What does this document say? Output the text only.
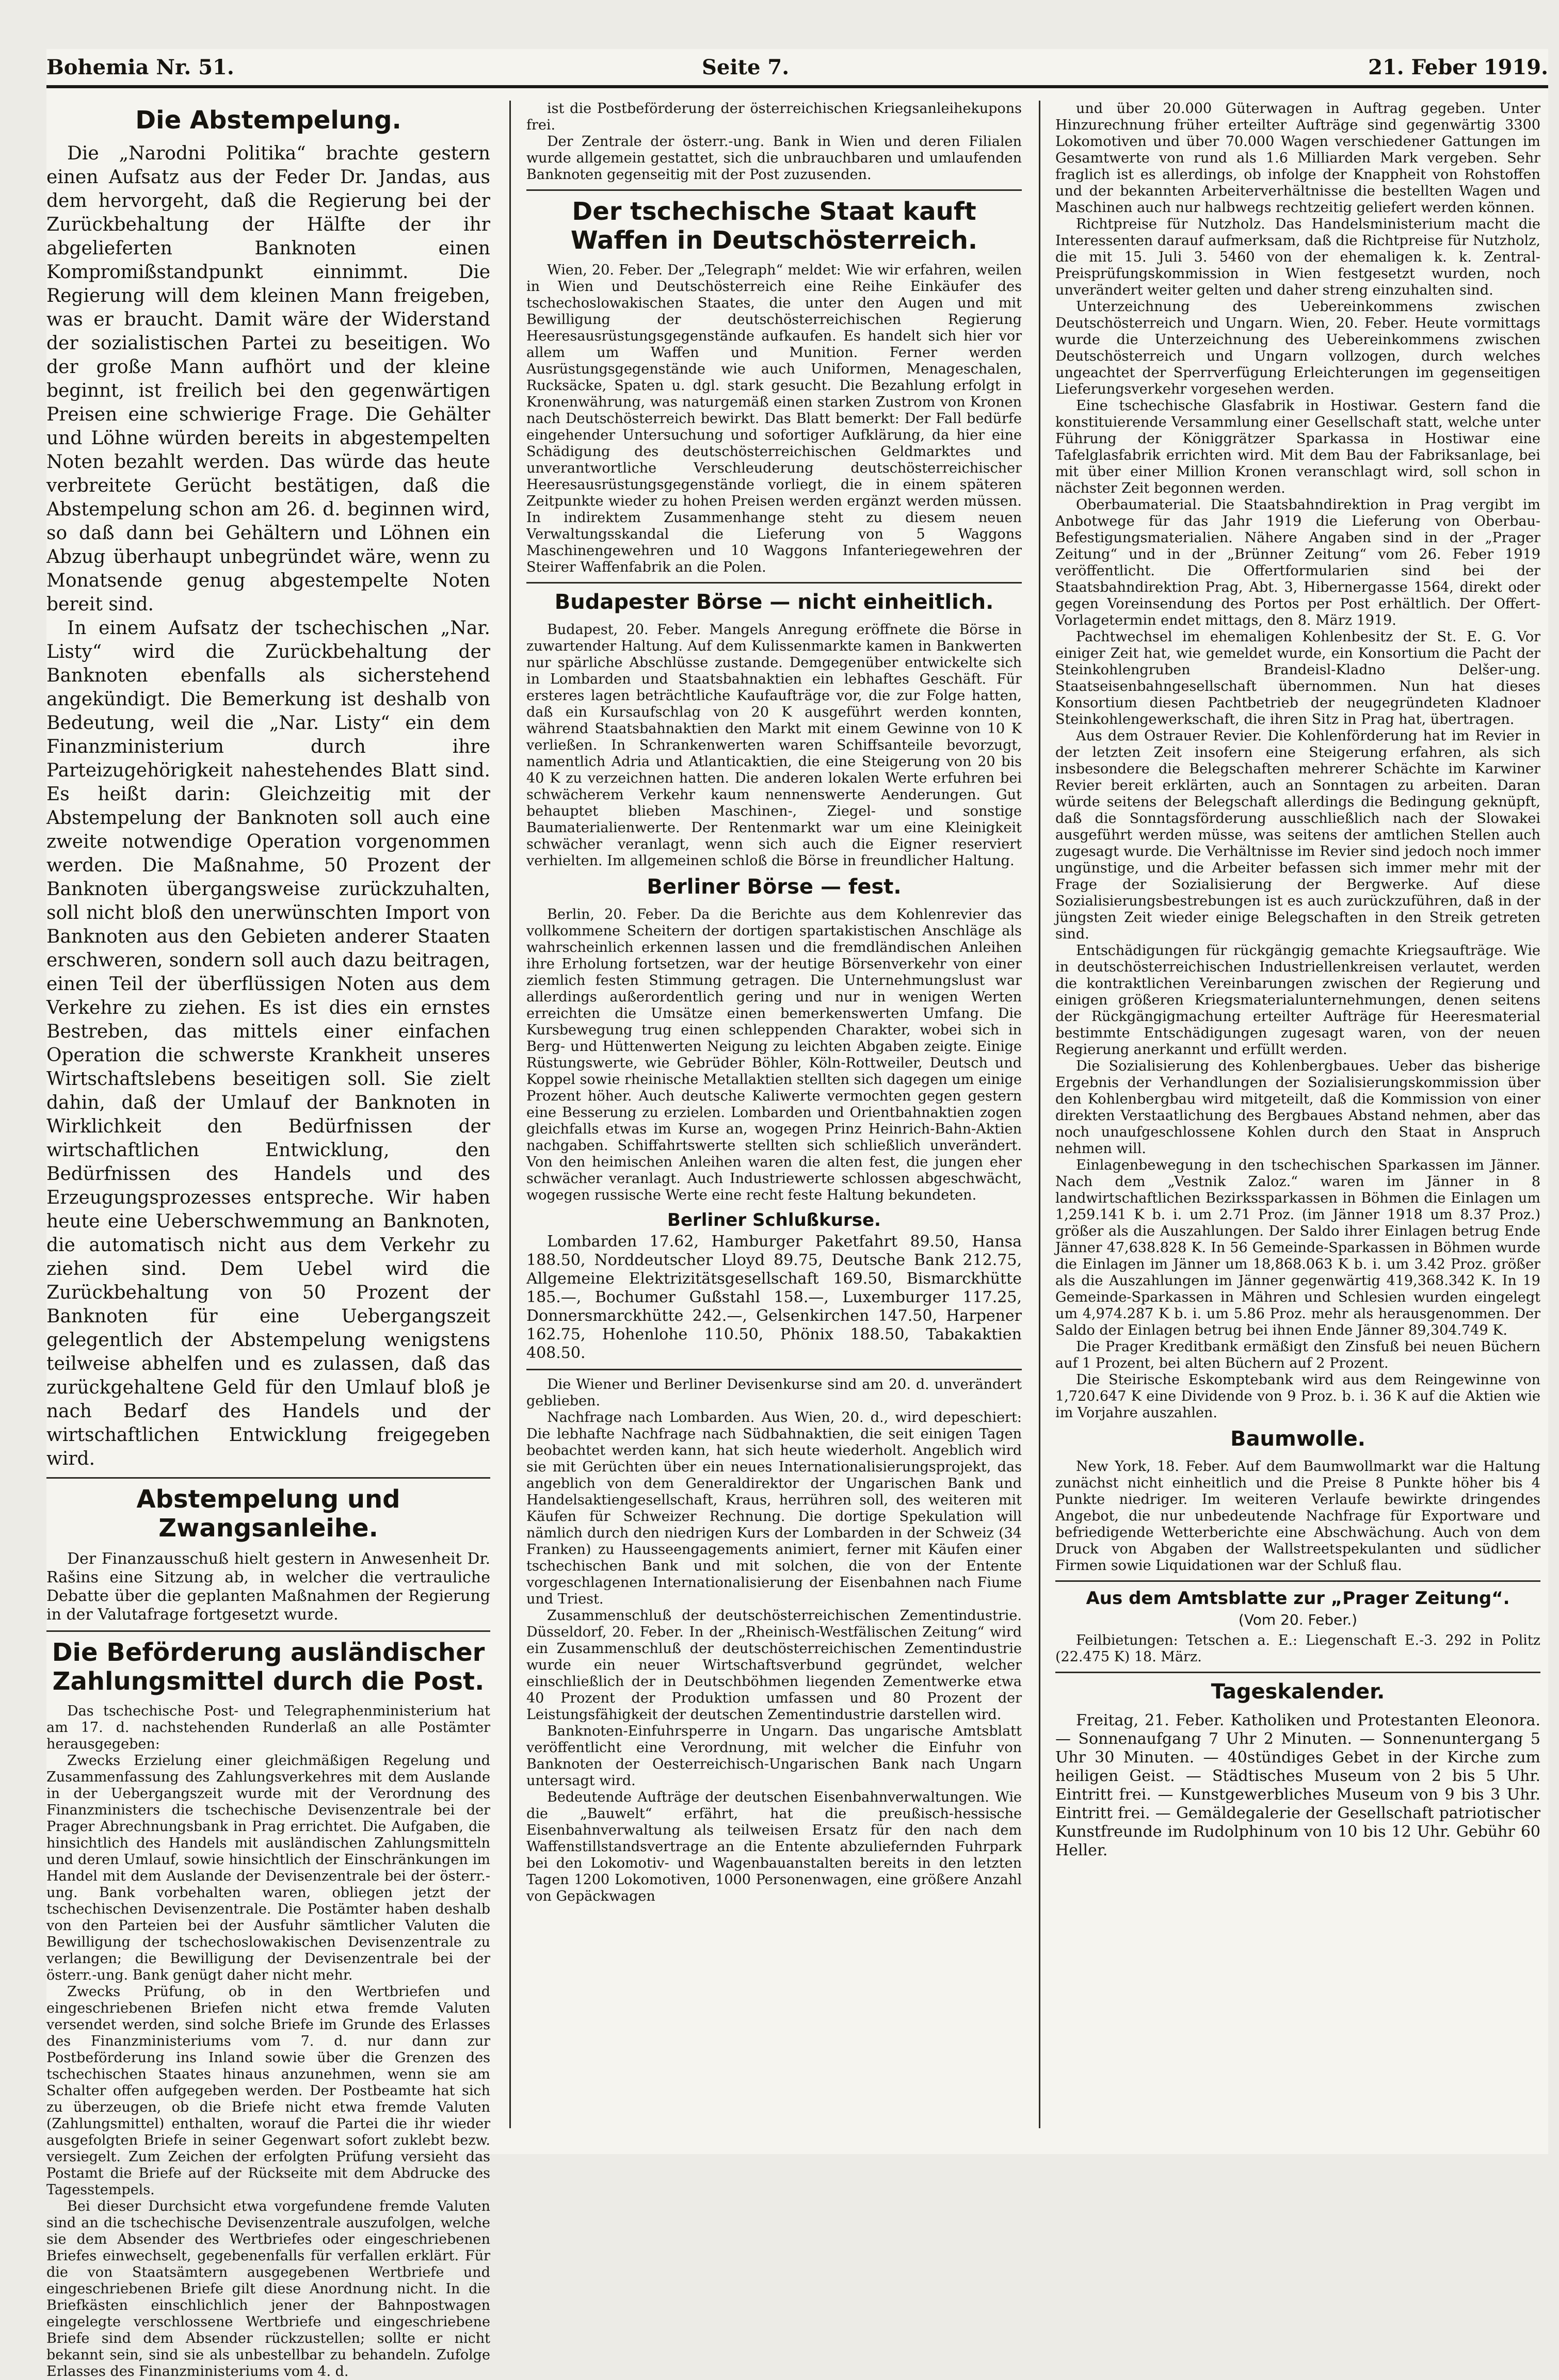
Bohemia Nr. 51.	Seite 7.	21. Feber 1919.
Die Abstempelung.

Die „Narodni Politika“ brachte gestern einen Aufsatz aus der Feder Dr. Jandas, aus dem hervorgeht, daß die Regierung bei der Zurückbehaltung der Hälfte der ihr abgelieferten Banknoten einen Kompromißstandpunkt einnimmt. Die Regierung will dem kleinen Mann freigeben, was er braucht. Damit wäre der Widerstand der sozialistischen Partei zu beseitigen. Wo der große Mann aufhört und der kleine beginnt, ist freilich bei den gegenwärtigen Preisen eine schwierige Frage. Die Gehälter und Löhne würden bereits in abgestempelten Noten bezahlt werden. Das würde das heute verbreitete Gerücht bestätigen, daß die Abstempelung schon am 26. d. beginnen wird, so daß dann bei Gehältern und Löhnen ein Abzug überhaupt unbegründet wäre, wenn zu Monatsende genug abgestempelte Noten bereit sind.

In einem Aufsatz der tschechischen „Nar. Listy“ wird die Zurückbehaltung der Banknoten ebenfalls als sicherstehend angekündigt. Die Bemerkung ist deshalb von Bedeutung, weil die „Nar. Listy“ ein dem Finanzministerium durch ihre Parteizugehörigkeit nahestehendes Blatt sind. Es heißt darin: Gleichzeitig mit der Abstempelung der Banknoten soll auch eine zweite notwendige Operation vorgenommen werden. Die Maßnahme, 50 Prozent der Banknoten übergangsweise zurückzuhalten, soll nicht bloß den unerwünschten Import von Banknoten aus den Gebieten anderer Staaten erschweren, sondern soll auch dazu beitragen, einen Teil der überflüssigen Noten aus dem Verkehre zu ziehen. Es ist dies ein ernstes Bestreben, das mittels einer einfachen Operation die schwerste Krankheit unseres Wirtschaftslebens beseitigen soll. Sie zielt dahin, daß der Umlauf der Banknoten in Wirklichkeit den Bedürfnissen der wirtschaftlichen Entwicklung, den Bedürfnissen des Handels und des Erzeugungsprozesses entspreche. Wir haben heute eine Ueberschwemmung an Banknoten, die automatisch nicht aus dem Verkehr zu ziehen sind. Dem Uebel wird die Zurückbehaltung von 50 Prozent der Banknoten für eine Uebergangszeit gelegentlich der Abstempelung wenigstens teilweise abhelfen und es zulassen, daß das zurückgehaltene Geld für den Umlauf bloß je nach Bedarf des Handels und der wirtschaftlichen Entwicklung freigegeben wird.

Abstempelung und Zwangsanleihe.

Der Finanzausschuß hielt gestern in Anwesenheit Dr. Rašins eine Sitzung ab, in welcher die vertrauliche Debatte über die geplanten Maßnahmen der Regierung in der Valutafrage fortgesetzt wurde.

Die Beförderung ausländischer Zahlungsmittel durch die Post.

Das tschechische Post- und Telegraphenministerium hat am 17. d. nachstehenden Runderlaß an alle Postämter herausgegeben:

Zwecks Erzielung einer gleichmäßigen Regelung und Zusammenfassung des Zahlungsverkehres mit dem Auslande in der Uebergangszeit wurde mit der Verordnung des Finanzministers die tschechische Devisenzentrale bei der Prager Abrechnungsbank in Prag errichtet. Die Aufgaben, die hinsichtlich des Handels mit ausländischen Zahlungsmitteln und deren Umlauf, sowie hinsichtlich der Einschränkungen im Handel mit dem Auslande der Devisenzentrale bei der österr.-ung. Bank vorbehalten waren, obliegen jetzt der tschechischen Devisenzentrale. Die Postämter haben deshalb von den Parteien bei der Ausfuhr sämtlicher Valuten die Bewilligung der tschechoslowakischen Devisenzentrale zu verlangen; die Bewilligung der Devisenzentrale bei der österr.-ung. Bank genügt daher nicht mehr.

Zwecks Prüfung, ob in den Wertbriefen und eingeschriebenen Briefen nicht etwa fremde Valuten versendet werden, sind solche Briefe im Grunde des Erlasses des Finanzministeriums vom 7. d. nur dann zur Postbeförderung ins Inland sowie über die Grenzen des tschechischen Staates hinaus anzunehmen, wenn sie am Schalter offen aufgegeben werden. Der Postbeamte hat sich zu überzeugen, ob die Briefe nicht etwa fremde Valuten (Zahlungsmittel) enthalten, worauf die Partei die ihr wieder ausgefolgten Briefe in seiner Gegenwart sofort zuklebt bezw. versiegelt. Zum Zeichen der erfolgten Prüfung versieht das Postamt die Briefe auf der Rückseite mit dem Abdrucke des Tagesstempels.

Bei dieser Durchsicht etwa vorgefundene fremde Valuten sind an die tschechische Devisenzentrale auszufolgen, welche sie dem Absender des Wertbriefes oder eingeschriebenen Briefes einwechselt, gegebenenfalls für verfallen erklärt. Für die von Staatsämtern ausgegebenen Wertbriefe und eingeschriebenen Briefe gilt diese Anordnung nicht. In die Briefkästen einschlichlich jener der Bahnpostwagen eingelegte verschlossene Wertbriefe und eingeschriebene Briefe sind dem Absender rückzustellen; sollte er nicht bekannt sein, sind sie als unbestellbar zu behandeln. Zufolge Erlasses des Finanzministeriums vom 4. d.

ist die Postbeförderung der österreichischen Kriegsanleihekupons frei.

Der Zentrale der österr.-ung. Bank in Wien und deren Filialen wurde allgemein gestattet, sich die unbrauchbaren und umlaufenden Banknoten gegenseitig mit der Post zuzusenden.

Der tschechische Staat kauft Waffen in Deutschösterreich.

Wien, 20. Feber. Der „Telegraph“ meldet: Wie wir erfahren, weilen in Wien und Deutschösterreich eine Reihe Einkäufer des tschechoslowakischen Staates, die unter den Augen und mit Bewilligung der deutschösterreichischen Regierung Heeresausrüstungsgegenstände aufkaufen. Es handelt sich hier vor allem um Waffen und Munition. Ferner werden Ausrüstungsgegenstände wie auch Uniformen, Menageschalen, Rucksäcke, Spaten u. dgl. stark gesucht. Die Bezahlung erfolgt in Kronenwährung, was naturgemäß einen starken Zustrom von Kronen nach Deutschösterreich bewirkt. Das Blatt bemerkt: Der Fall bedürfe eingehender Untersuchung und sofortiger Aufklärung, da hier eine Schädigung des deutschösterreichischen Geldmarktes und unverantwortliche Verschleuderung deutschösterreichischer Heeresausrüstungsgegenstände vorliegt, die in einem späteren Zeitpunkte wieder zu hohen Preisen werden ergänzt werden müssen. In indirektem Zusammenhange steht zu diesem neuen Verwaltungsskandal die Lieferung von 5 Waggons Maschinengewehren und 10 Waggons Infanteriegewehren der Steirer Waffenfabrik an die Polen.

Budapester Börse — nicht einheitlich.

Budapest, 20. Feber. Mangels Anregung eröffnete die Börse in zuwartender Haltung. Auf dem Kulissenmarkte kamen in Bankwerten nur spärliche Abschlüsse zustande. Demgegenüber entwickelte sich in Lombarden und Staatsbahnaktien ein lebhaftes Geschäft. Für ersteres lagen beträchtliche Kaufaufträge vor, die zur Folge hatten, daß ein Kursaufschlag von 20 K ausgeführt werden konnten, während Staatsbahnaktien den Markt mit einem Gewinne von 10 K verließen. In Schrankenwerten waren Schiffsanteile bevorzugt, namentlich Adria und Atlanticaktien, die eine Steigerung von 20 bis 40 K zu verzeichnen hatten. Die anderen lokalen Werte erfuhren bei schwächerem Verkehr kaum nennenswerte Aenderungen. Gut behauptet blieben Maschinen-, Ziegel- und sonstige Baumaterialienwerte. Der Rentenmarkt war um eine Kleinigkeit schwächer veranlagt, wenn sich auch die Eigner reserviert verhielten. Im allgemeinen schloß die Börse in freundlicher Haltung.

Berliner Börse — fest.

Berlin, 20. Feber. Da die Berichte aus dem Kohlenrevier das vollkommene Scheitern der dortigen spartakistischen Anschläge als wahrscheinlich erkennen lassen und die fremdländischen Anleihen ihre Erholung fortsetzen, war der heutige Börsenverkehr von einer ziemlich festen Stimmung getragen. Die Unternehmungslust war allerdings außerordentlich gering und nur in wenigen Werten erreichten die Umsätze einen bemerkenswerten Umfang. Die Kursbewegung trug einen schleppenden Charakter, wobei sich in Berg- und Hüttenwerten Neigung zu leichten Abgaben zeigte. Einige Rüstungswerte, wie Gebrüder Böhler, Köln-Rottweiler, Deutsch und Koppel sowie rheinische Metallaktien stellten sich dagegen um einige Prozent höher. Auch deutsche Kaliwerte vermochten gegen gestern eine Besserung zu erzielen. Lombarden und Orientbahnaktien zogen gleichfalls etwas im Kurse an, wogegen Prinz Heinrich-Bahn-Aktien nachgaben. Schiffahrtswerte stellten sich schließlich unverändert. Von den heimischen Anleihen waren die alten fest, die jungen eher schwächer veranlagt. Auch Industriewerte schlossen abgeschwächt, wogegen russische Werte eine recht feste Haltung bekundeten.

Berliner Schlußkurse.

Lombarden 17.62, Hamburger Paketfahrt 89.50, Hansa 188.50, Norddeutscher Lloyd 89.75, Deutsche Bank 212.75, Allgemeine Elektrizitätsgesellschaft 169.50, Bismarckhütte 185.—, Bochumer Gußstahl 158.—, Luxemburger 117.25, Donnersmarckhütte 242.—, Gelsenkirchen 147.50, Harpener 162.75, Hohenlohe 110.50, Phönix 188.50, Tabakaktien 408.50.

Die Wiener und Berliner Devisenkurse sind am 20. d. unverändert geblieben.

Nachfrage nach Lombarden. Aus Wien, 20. d., wird depeschiert: Die lebhafte Nachfrage nach Südbahnaktien, die seit einigen Tagen beobachtet werden kann, hat sich heute wiederholt. Angeblich wird sie mit Gerüchten über ein neues Internationalisierungsprojekt, das angeblich von dem Generaldirektor der Ungarischen Bank und Handelsaktiengesellschaft, Kraus, herrühren soll, des weiteren mit Käufen für Schweizer Rechnung. Die dortige Spekulation will nämlich durch den niedrigen Kurs der Lombarden in der Schweiz (34 Franken) zu Hausseengagements animiert, ferner mit Käufen einer tschechischen Bank und mit solchen, die von der Entente vorgeschlagenen Internationalisierung der Eisenbahnen nach Fiume und Triest.

Zusammenschluß der deutschösterreichischen Zementindustrie. Düsseldorf, 20. Feber. In der „Rheinisch-Westfälischen Zeitung“ wird ein Zusammenschluß der deutschösterreichischen Zementindustrie wurde ein neuer Wirtschaftsverbund gegründet, welcher einschließlich der in Deutschböhmen liegenden Zementwerke etwa 40 Prozent der Produktion umfassen und 80 Prozent der Leistungsfähigkeit der deutschen Zementindustrie darstellen wird.

Banknoten-Einfuhrsperre in Ungarn. Das ungarische Amtsblatt veröffentlicht eine Verordnung, mit welcher die Einfuhr von Banknoten der Oesterreichisch-Ungarischen Bank nach Ungarn untersagt wird.

Bedeutende Aufträge der deutschen Eisenbahnverwaltungen. Wie die „Bauwelt“ erfährt, hat die preußisch-hessische Eisenbahnverwaltung als teilweisen Ersatz für den nach dem Waffenstillstandsvertrage an die Entente abzuliefernden Fuhrpark bei den Lokomotiv- und Wagenbauanstalten bereits in den letzten Tagen 1200 Lokomotiven, 1000 Personenwagen, eine größere Anzahl von Gepäckwagen

und über 20.000 Güterwagen in Auftrag gegeben. Unter Hinzurechnung früher erteilter Aufträge sind gegenwärtig 3300 Lokomotiven und über 70.000 Wagen verschiedener Gattungen im Gesamtwerte von rund als 1.6 Milliarden Mark vergeben. Sehr fraglich ist es allerdings, ob infolge der Knappheit von Rohstoffen und der bekannten Arbeiterverhältnisse die bestellten Wagen und Maschinen auch nur halbwegs rechtzeitig geliefert werden können.

Richtpreise für Nutzholz. Das Handelsministerium macht die Interessenten darauf aufmerksam, daß die Richtpreise für Nutzholz, die mit 15. Juli 3. 5460 von der ehemaligen k. k. Zentral-Preisprüfungskommission in Wien festgesetzt wurden, noch unverändert weiter gelten und daher streng einzuhalten sind.

Unterzeichnung des Uebereinkommens zwischen Deutschösterreich und Ungarn. Wien, 20. Feber. Heute vormittags wurde die Unterzeichnung des Uebereinkommens zwischen Deutschösterreich und Ungarn vollzogen, durch welches ungeachtet der Sperrverfügung Erleichterungen im gegenseitigen Lieferungsverkehr vorgesehen werden.

Eine tschechische Glasfabrik in Hostiwar. Gestern fand die konstituierende Versammlung einer Gesellschaft statt, welche unter Führung der Königgrätzer Sparkassa in Hostiwar eine Tafelglasfabrik errichten wird. Mit dem Bau der Fabriksanlage, bei mit über einer Million Kronen veranschlagt wird, soll schon in nächster Zeit begonnen werden.

Oberbaumaterial. Die Staatsbahndirektion in Prag vergibt im Anbotwege für das Jahr 1919 die Lieferung von Oberbau-Befestigungsmaterialien. Nähere Angaben sind in der „Prager Zeitung“ und in der „Brünner Zeitung“ vom 26. Feber 1919 veröffentlicht. Die Offertformularien sind bei der Staatsbahndirektion Prag, Abt. 3, Hibernergasse 1564, direkt oder gegen Voreinsendung des Portos per Post erhältlich. Der Offert-Vorlagetermin endet mittags, den 8. März 1919.

Pachtwechsel im ehemaligen Kohlenbesitz der St. E. G. Vor einiger Zeit hat, wie gemeldet wurde, ein Konsortium die Pacht der Steinkohlengruben Brandeisl-Kladno Delšer-ung. Staatseisenbahngesellschaft übernommen. Nun hat dieses Konsortium diesen Pachtbetrieb der neugegründeten Kladnoer Steinkohlengewerkschaft, die ihren Sitz in Prag hat, übertragen.

Aus dem Ostrauer Revier. Die Kohlenförderung hat im Revier in der letzten Zeit insofern eine Steigerung erfahren, als sich insbesondere die Belegschaften mehrerer Schächte im Karwiner Revier bereit erklärten, auch an Sonntagen zu arbeiten. Daran würde seitens der Belegschaft allerdings die Bedingung geknüpft, daß die Sonntagsförderung ausschließlich nach der Slowakei ausgeführt werden müsse, was seitens der amtlichen Stellen auch zugesagt wurde. Die Verhältnisse im Revier sind jedoch noch immer ungünstige, und die Arbeiter befassen sich immer mehr mit der Frage der Sozialisierung der Bergwerke. Auf diese Sozialisierungsbestrebungen ist es auch zurückzuführen, daß in der jüngsten Zeit wieder einige Belegschaften in den Streik getreten sind.

Entschädigungen für rückgängig gemachte Kriegsaufträge. Wie in deutschösterreichischen Industriellenkreisen verlautet, werden die kontraktlichen Vereinbarungen zwischen der Regierung und einigen größeren Kriegsmaterialunternehmungen, denen seitens der Rückgängigmachung erteilter Aufträge für Heeresmaterial bestimmte Entschädigungen zugesagt waren, von der neuen Regierung anerkannt und erfüllt werden.

Die Sozialisierung des Kohlenbergbaues. Ueber das bisherige Ergebnis der Verhandlungen der Sozialisierungskommission über den Kohlenbergbau wird mitgeteilt, daß die Kommission von einer direkten Verstaatlichung des Bergbaues Abstand nehmen, aber das noch unaufgeschlossene Kohlen durch den Staat in Anspruch nehmen will.

Einlagenbewegung in den tschechischen Sparkassen im Jänner. Nach dem „Vestnik Zaloz.“ waren im Jänner in 8 landwirtschaftlichen Bezirkssparkassen in Böhmen die Einlagen um 1,259.141 K b. i. um 2.71 Proz. (im Jänner 1918 um 8.37 Proz.) größer als die Auszahlungen. Der Saldo ihrer Einlagen betrug Ende Jänner 47,638.828 K. In 56 Gemeinde-Sparkassen in Böhmen wurde die Einlagen im Jänner um 18,868.063 K b. i. um 3.42 Proz. größer als die Auszahlungen im Jänner gegenwärtig 419,368.342 K. In 19 Gemeinde-Sparkassen in Mähren und Schlesien wurden eingelegt um 4,974.287 K b. i. um 5.86 Proz. mehr als herausgenommen. Der Saldo der Einlagen betrug bei ihnen Ende Jänner 89,304.749 K.

Die Prager Kreditbank ermäßigt den Zinsfuß bei neuen Büchern auf 1 Prozent, bei alten Büchern auf 2 Prozent.

Die Steirische Eskomptebank wird aus dem Reingewinne von 1,720.647 K eine Dividende von 9 Proz. b. i. 36 K auf die Aktien wie im Vorjahre auszahlen.

Baumwolle.

New York, 18. Feber. Auf dem Baumwollmarkt war die Haltung zunächst nicht einheitlich und die Preise 8 Punkte höher bis 4 Punkte niedriger. Im weiteren Verlaufe bewirkte dringendes Angebot, die nur unbedeutende Nachfrage für Exportware und befriedigende Wetterberichte eine Abschwächung. Auch von dem Druck von Abgaben der Wallstreetspekulanten und südlicher Firmen sowie Liquidationen war der Schluß flau.

Aus dem Amtsblatte zur „Prager Zeitung“.
(Vom 20. Feber.)

Feilbietungen: Tetschen a. E.: Liegenschaft E.-3. 292 in Politz (22.475 K) 18. März.

Tageskalender.

Freitag, 21. Feber. Katholiken und Protestanten Eleonora. — Sonnenaufgang 7 Uhr 2 Minuten. — Sonnenuntergang 5 Uhr 30 Minuten. — 40stündiges Gebet in der Kirche zum heiligen Geist. — Städtisches Museum von 2 bis 5 Uhr. Eintritt frei. — Kunstgewerbliches Museum von 9 bis 3 Uhr. Eintritt frei. — Gemäldegalerie der Gesellschaft patriotischer Kunstfreunde im Rudolphinum von 10 bis 12 Uhr. Gebühr 60 Heller.
